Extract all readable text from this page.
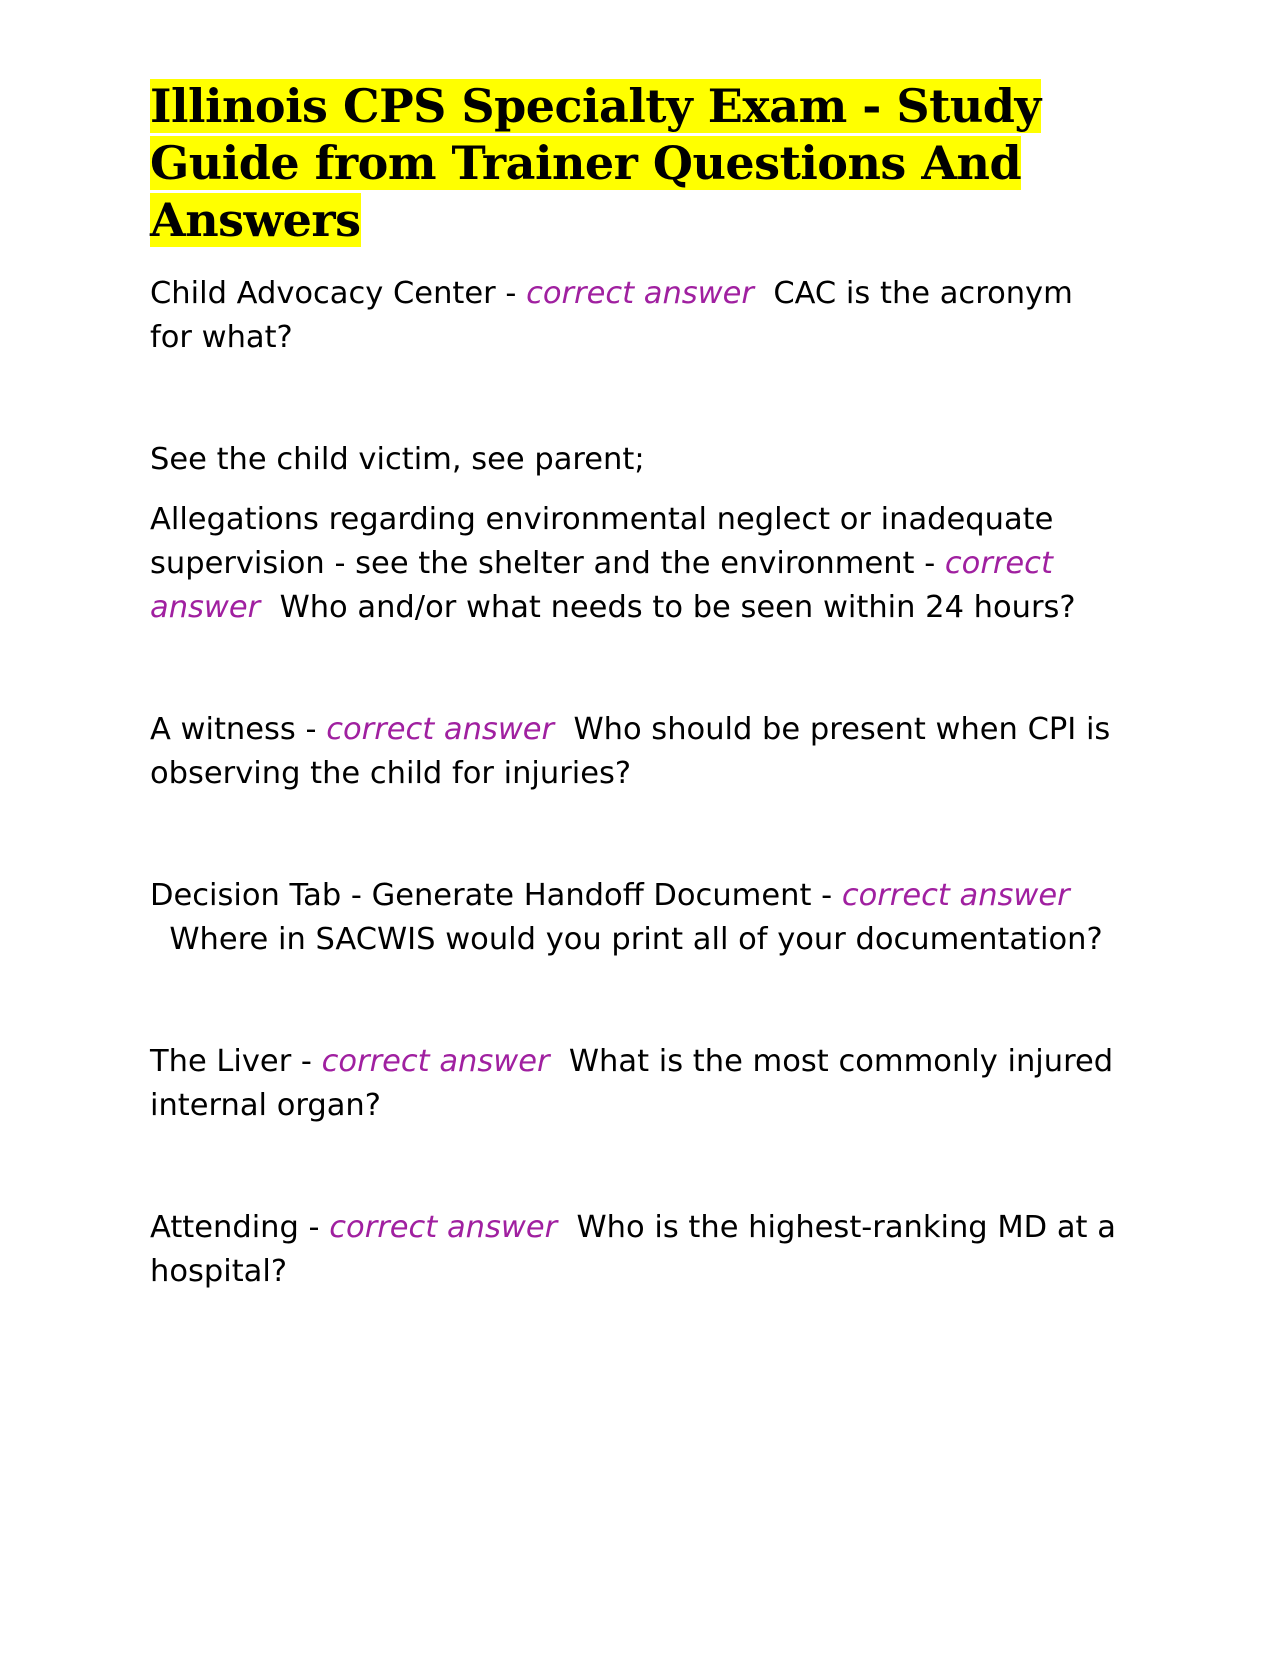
Illinois CPS Specialty Exam - Study Guide from Trainer Questions And Answers

Child Advocacy Center - correct answer CAC is the acronym for what?

See the child victim, see parent;

Allegations regarding environmental neglect or inadequate supervision - see the shelter and the environment - correct answer Who and/or what needs to be seen within 24 hours?

A witness - correct answer Who should be present when CPI is observing the child for injuries?

Decision Tab - Generate Handoff Document - correct answer  Where in SACWIS would you print all of your documentation?

The Liver - correct answer What is the most commonly injured internal organ?

Attending - correct answer Who is the highest-ranking MD at a hospital?
